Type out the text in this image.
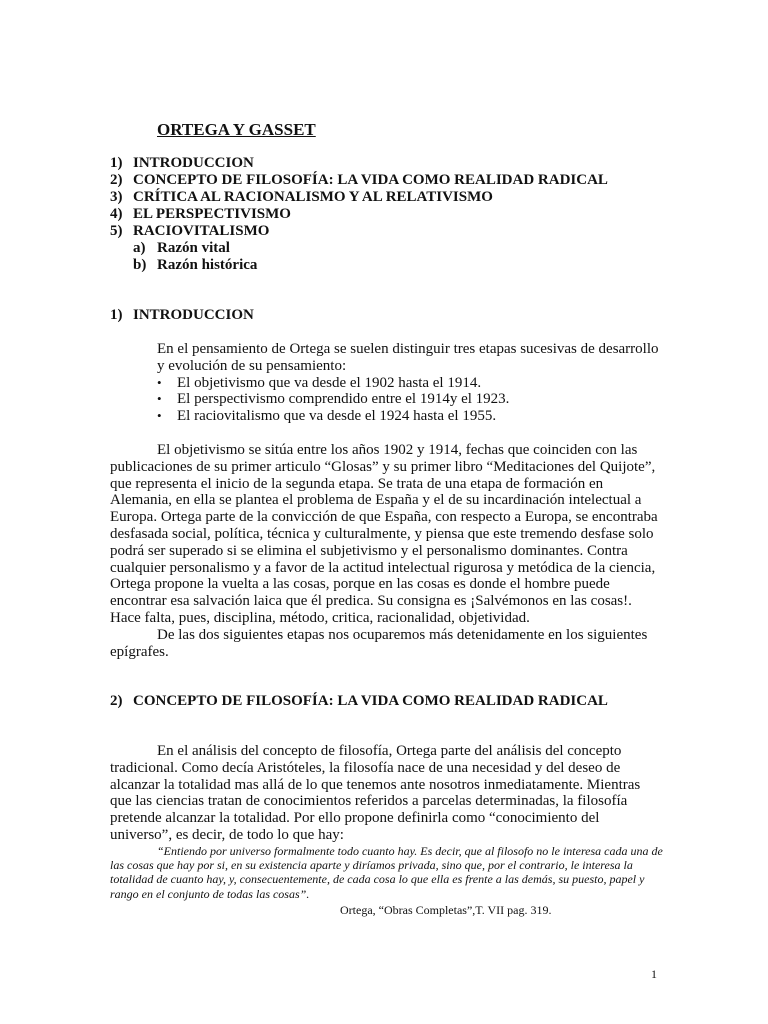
ORTEGA Y GASSET
1) INTRODUCCION
2) CONCEPTO DE FILOSOFÍA: LA VIDA COMO REALIDAD RADICAL
3) CRÍTICA AL RACIONALISMO Y AL RELATIVISMO
4) EL PERSPECTIVISMO
5) RACIOVITALISMO
a) Razón vital
b) Razón histórica
1) INTRODUCCION

En el pensamiento de Ortega se suelen distinguir tres etapas sucesivas de desarrollo y evolución de su pensamiento:

• El objetivismo que va desde el 1902 hasta el 1914.
• El perspectivismo comprendido entre el 1914y el 1923.
• El raciovitalismo que va desde el 1924 hasta el 1955.

El objetivismo se sitúa entre los años 1902 y 1914, fechas que coinciden con las publicaciones de su primer articulo “Glosas” y su primer libro “Meditaciones del Quijote”, que representa el inicio de la segunda etapa. Se trata de una etapa de formación en Alemania, en ella se plantea el problema de España y el de su incardinación intelectual a Europa. Ortega parte de la convicción de que España, con respecto a Europa, se encontraba desfasada social, política, técnica y culturalmente, y piensa que este tremendo desfase solo podrá ser superado si se elimina el subjetivismo y el personalismo dominantes. Contra cualquier personalismo y a favor de la actitud intelectual rigurosa y metódica de la ciencia, Ortega propone la vuelta a las cosas, porque en las cosas es donde el hombre puede encontrar esa salvación laica que él predica. Su consigna es ¡Salvémonos en las cosas!. Hace falta, pues, disciplina, método, critica, racionalidad, objetividad.

De las dos siguientes etapas nos ocuparemos más detenidamente en los siguientes epígrafes.

2) CONCEPTO DE FILOSOFÍA: LA VIDA COMO REALIDAD RADICAL

En el análisis del concepto de filosofía, Ortega parte del análisis del concepto tradicional. Como decía Aristóteles, la filosofía nace de una necesidad y del deseo de alcanzar la totalidad mas allá de lo que tenemos ante nosotros inmediatamente. Mientras que las ciencias tratan de conocimientos referidos a parcelas determinadas, la filosofía pretende alcanzar la totalidad. Por ello propone definirla como “conocimiento del universo”, es decir, de todo lo que hay:

“Entiendo por universo formalmente todo cuanto hay. Es decir, que al filosofo no le interesa cada una de las cosas que hay por si, en su existencia aparte y diríamos privada, sino que, por el contrario, le interesa la totalidad de cuanto hay, y, consecuentemente, de cada cosa lo que ella es frente a las demás, su puesto, papel y rango en el conjunto de todas las cosas”.

Ortega, “Obras Completas”,T. VII pag. 319.
1
